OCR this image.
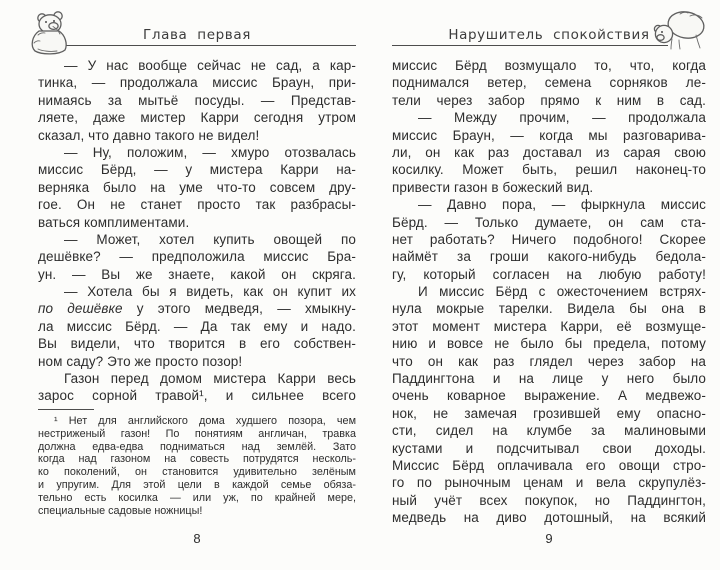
Глава первая
— У нас вообще сейчас не сад, а кар-
тинка, — продолжала миссис Браун, при-
нимаясь за мытьё посуды. — Представ-
ляете, даже мистер Карри сегодня утром
сказал, что давно такого не видел!
— Ну, положим, — хмуро отозвалась
миссис Бёрд, — у мистера Карри на-
верняка было на уме что-то совсем дру-
гое. Он не станет просто так разбрасы-
ваться комплиментами.
— Может, хотел купить овощей по
дешёвке? — предположила миссис Бра-
ун. — Вы же знаете, какой он скряга.
— Хотела бы я видеть, как он купит их
по дешёвке у этого медведя, — хмыкну-
ла миссис Бёрд. — Да так ему и надо.
Вы видели, что творится в его собствен-
ном саду? Это же просто позор!
Газон перед домом мистера Карри весь
зарос сорной травой¹, и сильнее всего
¹ Нет для английского дома худшего позора, чем
нестриженый газон! По понятиям англичан, травка
должна едва-едва подниматься над землёй. Зато
когда над газоном на совесть потрудятся несколь-
ко поколений, он становится удивительно зелёным
и упругим. Для этой цели в каждой семье обяза-
тельно есть косилка — или уж, по крайней мере,
специальные садовые ножницы!
8
Нарушитель спокойствия
миссис Бёрд возмущало то, что, когда
поднимался ветер, семена сорняков ле-
тели через забор прямо к ним в сад.
— Между прочим, — продолжала
миссис Браун, — когда мы разговарива-
ли, он как раз доставал из сарая свою
косилку. Может быть, решил наконец-то
привести газон в божеский вид.
— Давно пора, — фыркнула миссис
Бёрд. — Только думаете, он сам ста-
нет работать? Ничего подобного! Скорее
наймёт за гроши какого-нибудь бедола-
гу, который согласен на любую работу!
И миссис Бёрд с ожесточением встрях-
нула мокрые тарелки. Видела бы она в
этот момент мистера Карри, её возмуще-
нию и вовсе не было бы предела, потому
что он как раз глядел через забор на
Паддингтона и на лице у него было
очень коварное выражение. А медвежо-
нок, не замечая грозившей ему опасно-
сти, сидел на клумбе за малиновыми
кустами и подсчитывал свои доходы.
Миссис Бёрд оплачивала его овощи стро-
го по рыночным ценам и вела скрупулёз-
ный учёт всех покупок, но Паддингтон,
медведь на диво дотошный, на всякий
9
